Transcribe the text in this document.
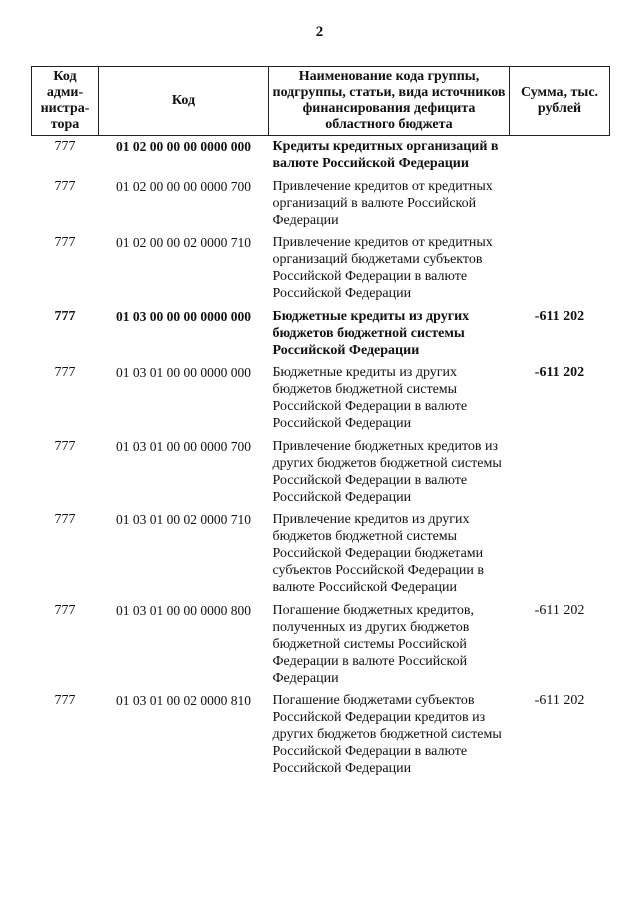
2
Код адми-нистра-тора	Код	Наименование кода группы, подгруппы, статьи, вида источников финансирования дефицита областного бюджета	Сумма, тыс. рублей
777	01 02 00 00 00 0000 000	Кредиты кредитных организаций в валюте Российской Федерации	
777	01 02 00 00 00 0000 700	Привлечение кредитов от кредитных организаций в валюте Российской Федерации	
777	01 02 00 00 02 0000 710	Привлечение кредитов от кредитных организаций бюджетами субъектов Российской Федерации в валюте Российской Федерации	
777	01 03 00 00 00 0000 000	Бюджетные кредиты из других бюджетов бюджетной системы Российской Федерации	-611 202
777	01 03 01 00 00 0000 000	Бюджетные кредиты из других бюджетов бюджетной системы Российской Федерации в валюте Российской Федерации	-611 202
777	01 03 01 00 00 0000 700	Привлечение бюджетных кредитов из других бюджетов бюджетной системы Российской Федерации в валюте Российской Федерации	
777	01 03 01 00 02 0000 710	Привлечение кредитов из других бюджетов бюджетной системы Российской Федерации бюджетами субъектов Российской Федерации в валюте Российской Федерации	
777	01 03 01 00 00 0000 800	Погашение бюджетных кредитов, полученных из других бюджетов бюджетной системы Российской Федерации в валюте Российской Федерации	-611 202
777	01 03 01 00 02 0000 810	Погашение бюджетами субъектов Российской Федерации кредитов из других бюджетов бюджетной системы Российской Федерации в валюте Российской Федерации	-611 202
